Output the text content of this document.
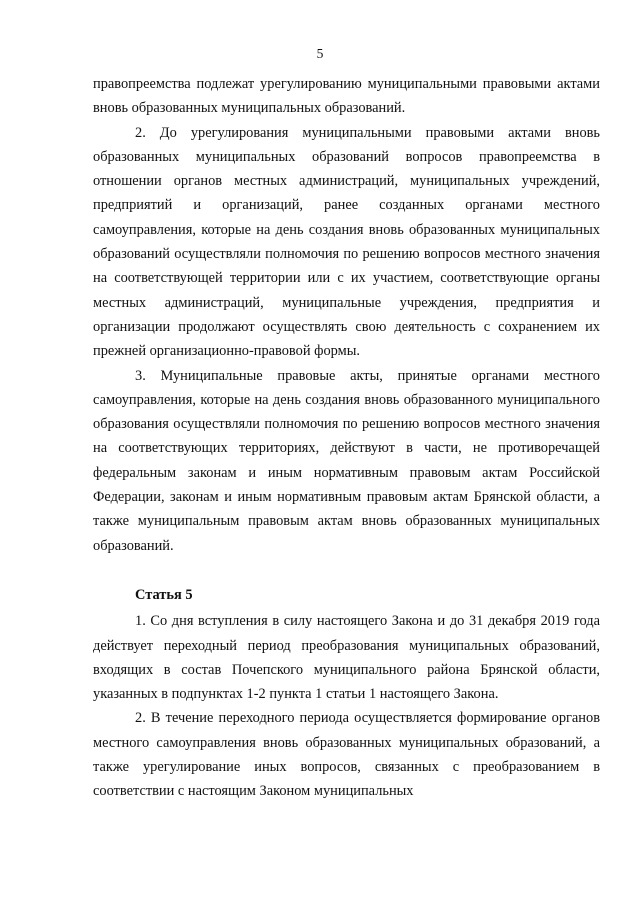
5

правопреемства подлежат урегулированию муниципальными правовыми актами вновь образованных муниципальных образований.

2. До урегулирования муниципальными правовыми актами вновь образованных муниципальных образований вопросов правопреемства в отношении органов местных администраций, муниципальных учреждений, предприятий и организаций, ранее созданных органами местного самоуправления, которые на день создания вновь образованных муниципальных образований осуществляли полномочия по решению вопросов местного значения на соответствующей территории или с их участием, соответствующие органы местных администраций, муниципальные учреждения, предприятия и организации продолжают осуществлять свою деятельность с сохранением их прежней организационно-правовой формы.

3. Муниципальные правовые акты, принятые органами местного самоуправления, которые на день создания вновь образованного муниципального образования осуществляли полномочия по решению вопросов местного значения на соответствующих территориях, действуют в части, не противоречащей федеральным законам и иным нормативным правовым актам Российской Федерации, законам и иным нормативным правовым актам Брянской области, а также муниципальным правовым актам вновь образованных муниципальных образований.

Статья 5

1. Со дня вступления в силу настоящего Закона и до 31 декабря 2019 года действует переходный период преобразования муниципальных образований, входящих в состав Почепского муниципального района Брянской области, указанных в подпунктах 1-2 пункта 1 статьи 1 настоящего Закона.

2. В течение переходного периода осуществляется формирование органов местного самоуправления вновь образованных муниципальных образований, а также урегулирование иных вопросов, связанных с преобразованием в соответствии с настоящим Законом муниципальных
